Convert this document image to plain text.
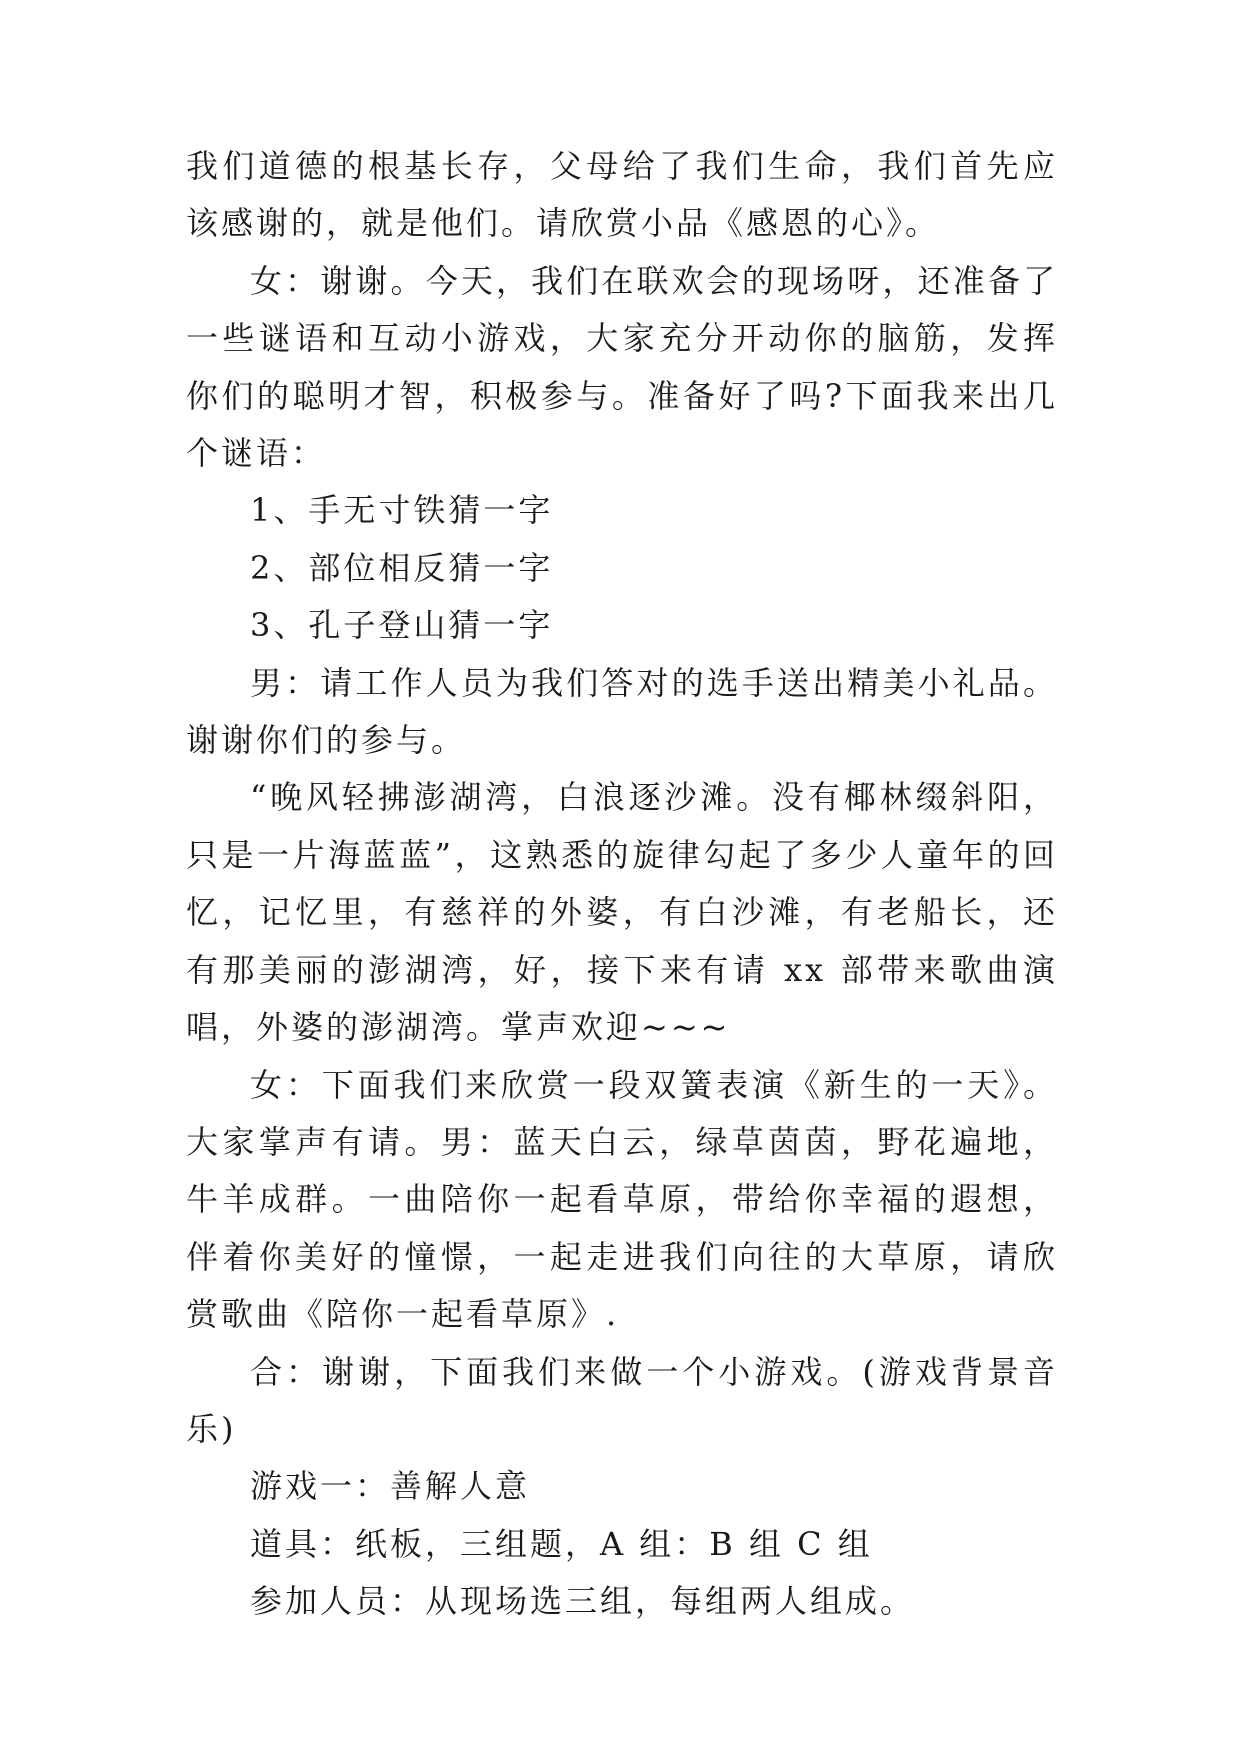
我们道德的根基长存，父母给了我们生命，我们首先应该感谢的，就是他们。请欣赏小品《感恩的心》。

女：谢谢。今天，我们在联欢会的现场呀，还准备了一些谜语和互动小游戏，大家充分开动你的脑筋，发挥你们的聪明才智，积极参与。准备好了吗?下面我来出几个谜语：

1、手无寸铁猜一字

2、部位相反猜一字

3、孔子登山猜一字

男：请工作人员为我们答对的选手送出精美小礼品。谢谢你们的参与。

“晚风轻拂澎湖湾，白浪逐沙滩。没有椰林缀斜阳，只是一片海蓝蓝”，这熟悉的旋律勾起了多少人童年的回忆，记忆里，有慈祥的外婆，有白沙滩，有老船长，还有那美丽的澎湖湾，好，接下来有请 xx 部带来歌曲演唱，外婆的澎湖湾。掌声欢迎~~~

女：下面我们来欣赏一段双簧表演《新生的一天》。大家掌声有请。男：蓝天白云，绿草茵茵，野花遍地，牛羊成群。一曲陪你一起看草原，带给你幸福的遐想，伴着你美好的憧憬，一起走进我们向往的大草原，请欣赏歌曲《陪你一起看草原》.

合：谢谢，下面我们来做一个小游戏。(游戏背景音乐)

游戏一：善解人意

道具：纸板，三组题，A 组：B 组 C 组

参加人员：从现场选三组，每组两人组成。
